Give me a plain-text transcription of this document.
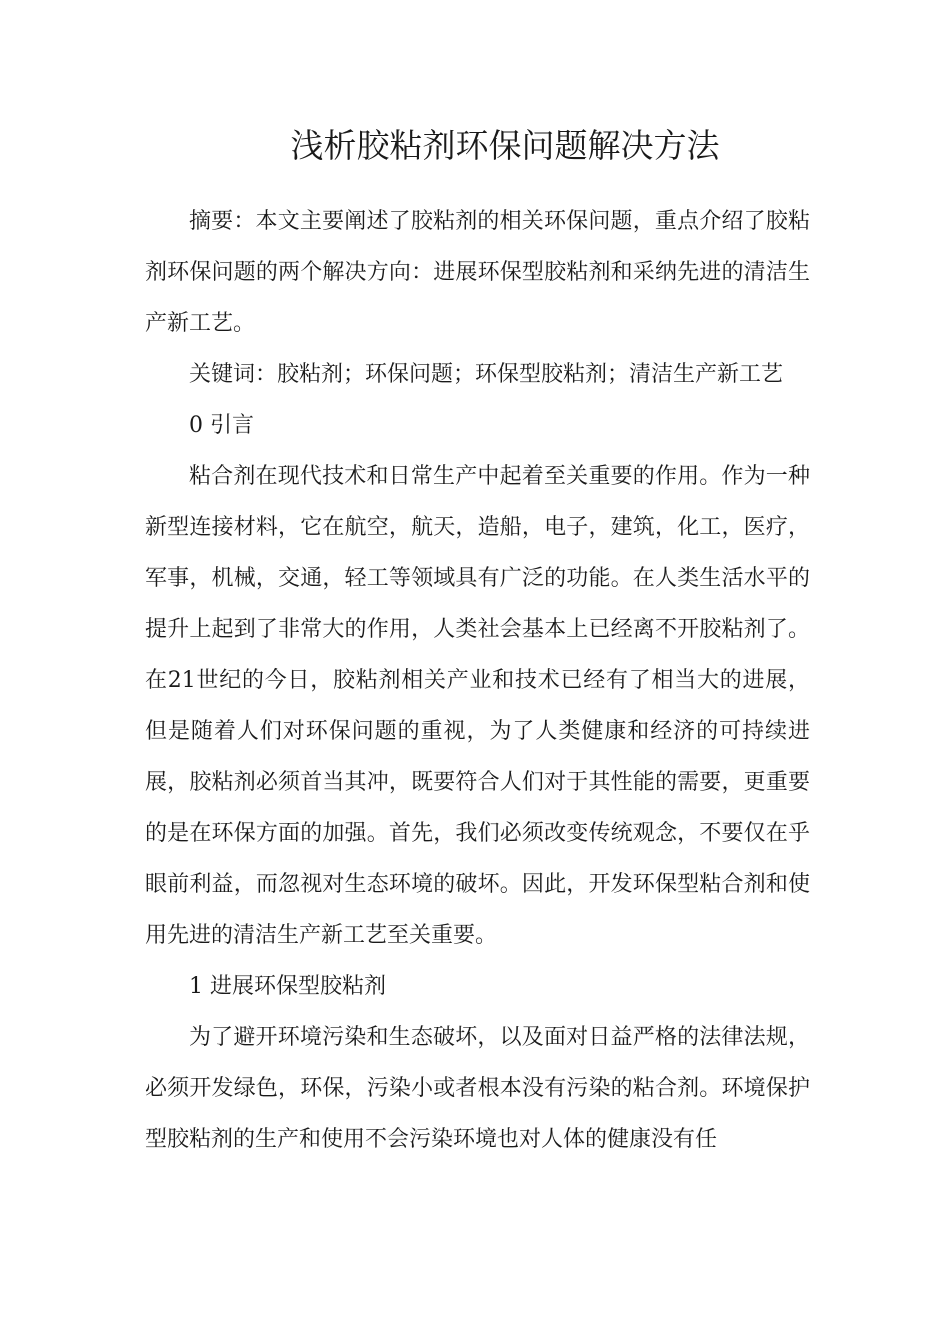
浅析胶粘剂环保问题解决方法

摘要：本文主要阐述了胶粘剂的相关环保问题，重点介绍了胶粘剂环保问题的两个解决方向：进展环保型胶粘剂和采纳先进的清洁生产新工艺。

关键词：胶粘剂；环保问题；环保型胶粘剂；清洁生产新工艺

0 引言

粘合剂在现代技术和日常生产中起着至关重要的作用。作为一种新型连接材料，它在航空，航天，造船，电子，建筑，化工，医疗，军事，机械，交通，轻工等领域具有广泛的功能。在人类生活水平的提升上起到了非常大的作用，人类社会基本上已经离不开胶粘剂了。在21世纪的今日，胶粘剂相关产业和技术已经有了相当大的进展，但是随着人们对环保问题的重视，为了人类健康和经济的可持续进展，胶粘剂必须首当其冲，既要符合人们对于其性能的需要，更重要的是在环保方面的加强。首先，我们必须改变传统观念，不要仅在乎眼前利益，而忽视对生态环境的破坏。因此，开发环保型粘合剂和使用先进的清洁生产新工艺至关重要。

1 进展环保型胶粘剂

为了避开环境污染和生态破坏，以及面对日益严格的法律法规，必须开发绿色，环保，污染小或者根本没有污染的粘合剂。环境保护型胶粘剂的生产和使用不会污染环境也对人体的健康没有任
